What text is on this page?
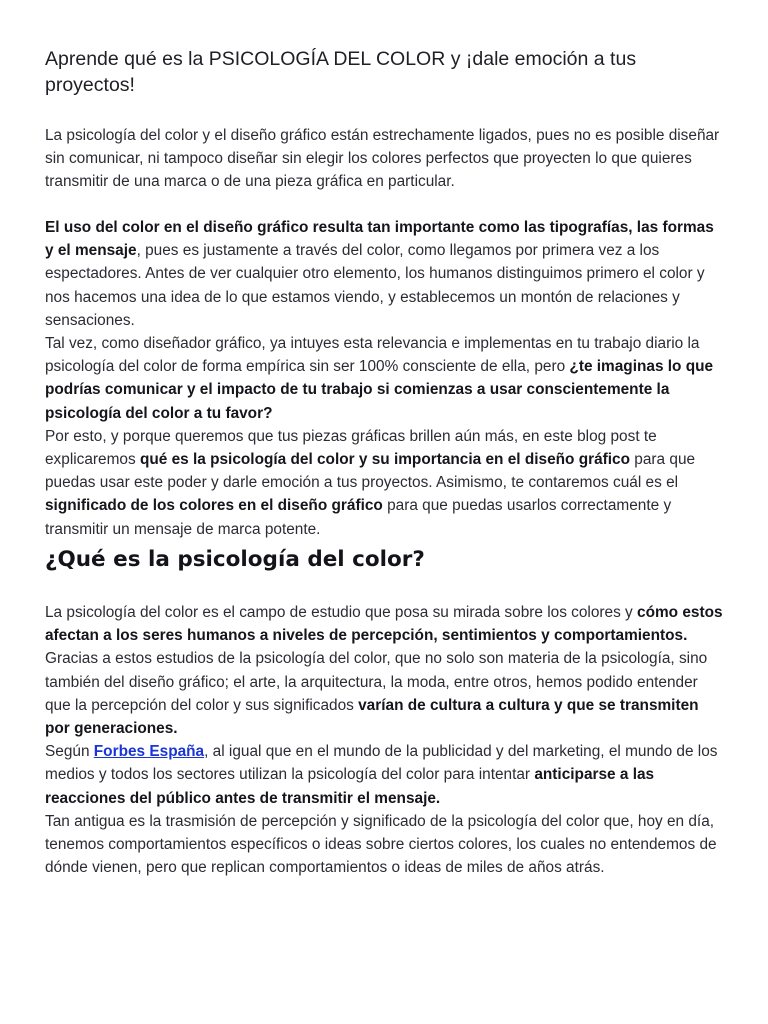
Aprende qué es la PSICOLOGÍA DEL COLOR y ¡dale emoción a tus proyectos!

La psicología del color y el diseño gráfico están estrechamente ligados, pues no es posible diseñar sin comunicar, ni tampoco diseñar sin elegir los colores perfectos que proyecten lo que quieres transmitir de una marca o de una pieza gráfica en particular.

El uso del color en el diseño gráfico resulta tan importante como las tipografías, las formas y el mensaje, pues es justamente a través del color, como llegamos por primera vez a los espectadores. Antes de ver cualquier otro elemento, los humanos distinguimos primero el color y nos hacemos una idea de lo que estamos viendo, y establecemos un montón de relaciones y sensaciones.

Tal vez, como diseñador gráfico, ya intuyes esta relevancia e implementas en tu trabajo diario la psicología del color de forma empírica sin ser 100% consciente de ella, pero ¿te imaginas lo que podrías comunicar y el impacto de tu trabajo si comienzas a usar conscientemente la psicología del color a tu favor?

Por esto, y porque queremos que tus piezas gráficas brillen aún más, en este blog post te explicaremos qué es la psicología del color y su importancia en el diseño gráfico para que puedas usar este poder y darle emoción a tus proyectos. Asimismo, te contaremos cuál es el significado de los colores en el diseño gráfico para que puedas usarlos correctamente y transmitir un mensaje de marca potente.

¿Qué es la psicología del color?

La psicología del color es el campo de estudio que posa su mirada sobre los colores y cómo estos afectan a los seres humanos a niveles de percepción, sentimientos y comportamientos.

Gracias a estos estudios de la psicología del color, que no solo son materia de la psicología, sino también del diseño gráfico; el arte, la arquitectura, la moda, entre otros, hemos podido entender que la percepción del color y sus significados varían de cultura a cultura y que se transmiten por generaciones.

Según Forbes España, al igual que en el mundo de la publicidad y del marketing, el mundo de los medios y todos los sectores utilizan la psicología del color para intentar anticiparse a las reacciones del público antes de transmitir el mensaje.

Tan antigua es la trasmisión de percepción y significado de la psicología del color que, hoy en día, tenemos comportamientos específicos o ideas sobre ciertos colores, los cuales no entendemos de dónde vienen, pero que replican comportamientos o ideas de miles de años atrás.
